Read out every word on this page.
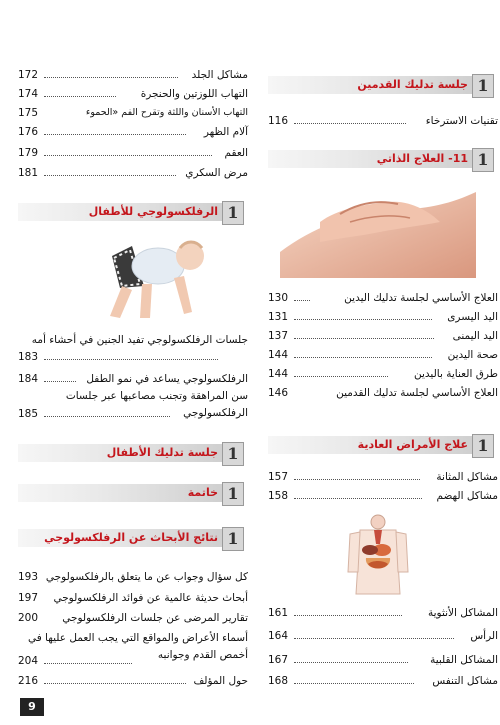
جلسة تدليك القدمين 1
تقنيات الاسترخاء
116
11- العلاج الذاتي 1
العلاج الأساسي لجلسة تدليك اليدين
130
اليد اليسرى
131
اليد اليمنى
137
صحة اليدين
144
طرق العناية باليدين
144
العلاج الأساسي لجلسة تدليك القدمين
146
علاج الأمراض العادية 1
مشاكل المثانة
157
مشاكل الهضم
158
المشاكل الأنثوية
161
الرأس
164
المشاكل القلبية
167
مشاكل التنفس
168
مشاكل الجلد
172
التهاب اللوزتين والحنجرة
174
التهاب الأسنان واللثة وتقرح الفم «الحموء
175
آلام الظهر
176
العقم
179
مرض السكري
181
الرفلكسولوجي للأطفال 1
جلسات الرفلكسولوجي تفيد الجنين في أحشاء أمه
183
الرفلكسولوجي يساعد في نمو الطفل
184
سن المراهقة وتجنب مصاعبها عبر جلسات الرفلكسولوجي
185
جلسة تدليك الأطفال 1
خاتمة 1
نتائج الأبحاث عن الرفلكسولوجي 1
كل سؤال وجواب عن ما يتعلق بالرفلكسولوجي
193
أبحاث حديثة عالمية عن فوائد الرفلكسولوجي
197
تقارير المرضى عن جلسات الرفلكسولوجي
200
أسماء الأعراض والمواقع التي يجب العمل عليها في أخمص القدم وجوانبه
204
حول المؤلف
216
9
